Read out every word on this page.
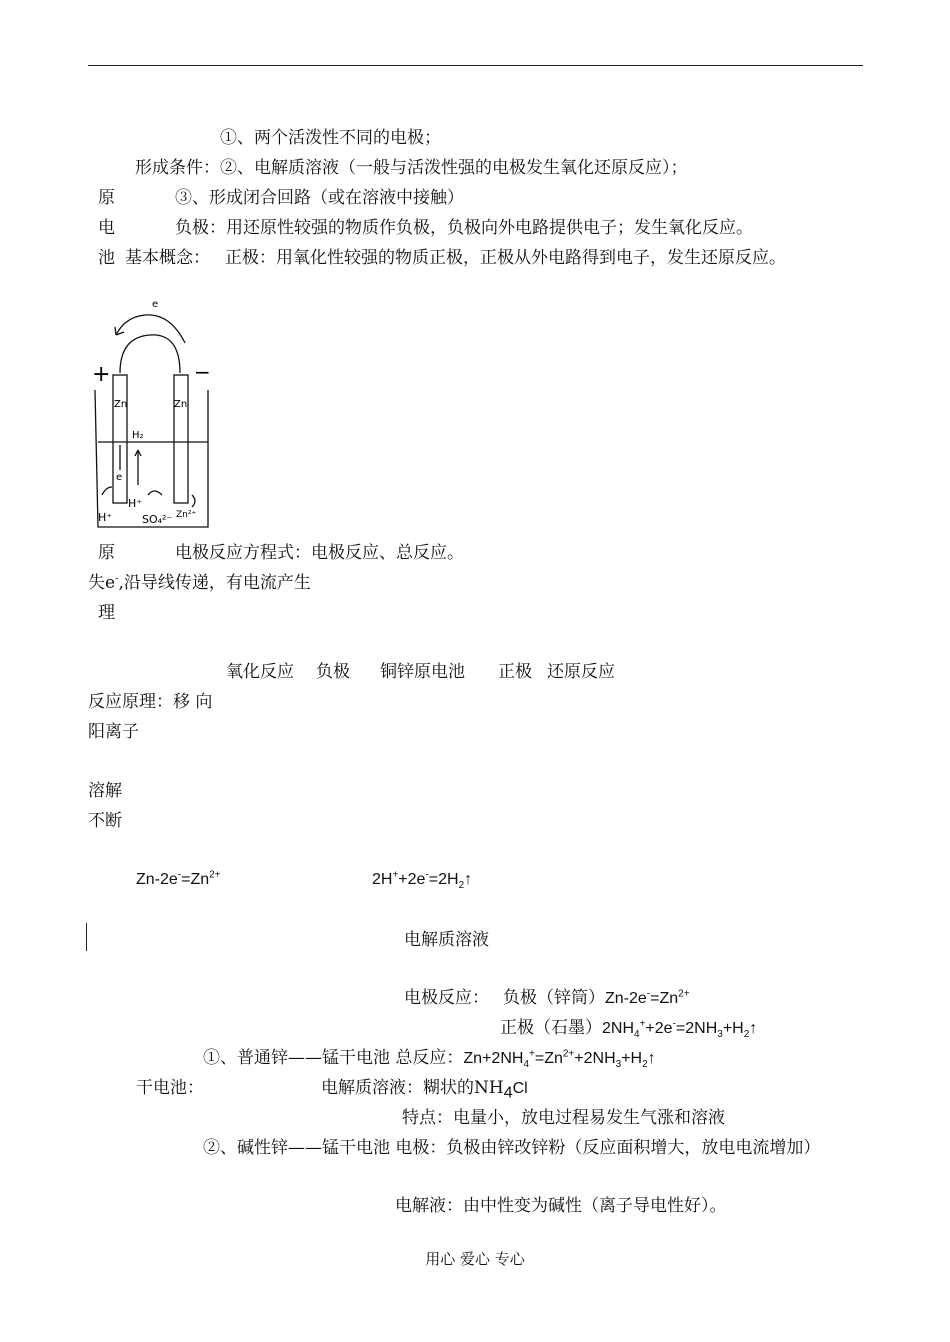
①、两个活泼性不同的电极；
形成条件：②、电解质溶液（一般与活泼性强的电极发生氧化还原反应）；
原	③、形成闭合回路（或在溶液中接触）
电	负极：用还原性较强的物质作负极，负极向外电路提供电子；发生氧化反应。
池 基本概念： 正极：用氧化性较强的物质正极，正极从外电路得到电子，发生还原反应。
e
+	−
Zn	Zn
H₂
e
H⁺
H⁺
SO₄²⁻ Zn²⁺
原	电极反应方程式：电极反应、总反应。
失e-,沿导线传递，有电流产生
理
氧化反应 负极 铜锌原电池 正极 还原反应
反应原理：移 向
阳离子
溶解
不断
$Zn-2e^-=Zn^{2+}$	$2H^++2e^-=2H_2↑$
电解质溶液
电极反应： 负极（锌筒）$Zn-2e^-=Zn^{2+}$
正极（石墨）$2NH_4^++2e^-=2NH_3+H_2↑$
①、普通锌——锰干电池 总反应：$Zn+2NH_4^+=Zn^{2+}+2NH_3+H_2↑$
干电池：	电解质溶液：糊状的$NH_4Cl$
特点：电量小，放电过程易发生气涨和溶液
②、碱性锌——锰干电池 电极：负极由锌改锌粉（反应面积增大，放电电流增加）
电解液：由中性变为碱性（离子导电性好）。
用心 爱心 专心
